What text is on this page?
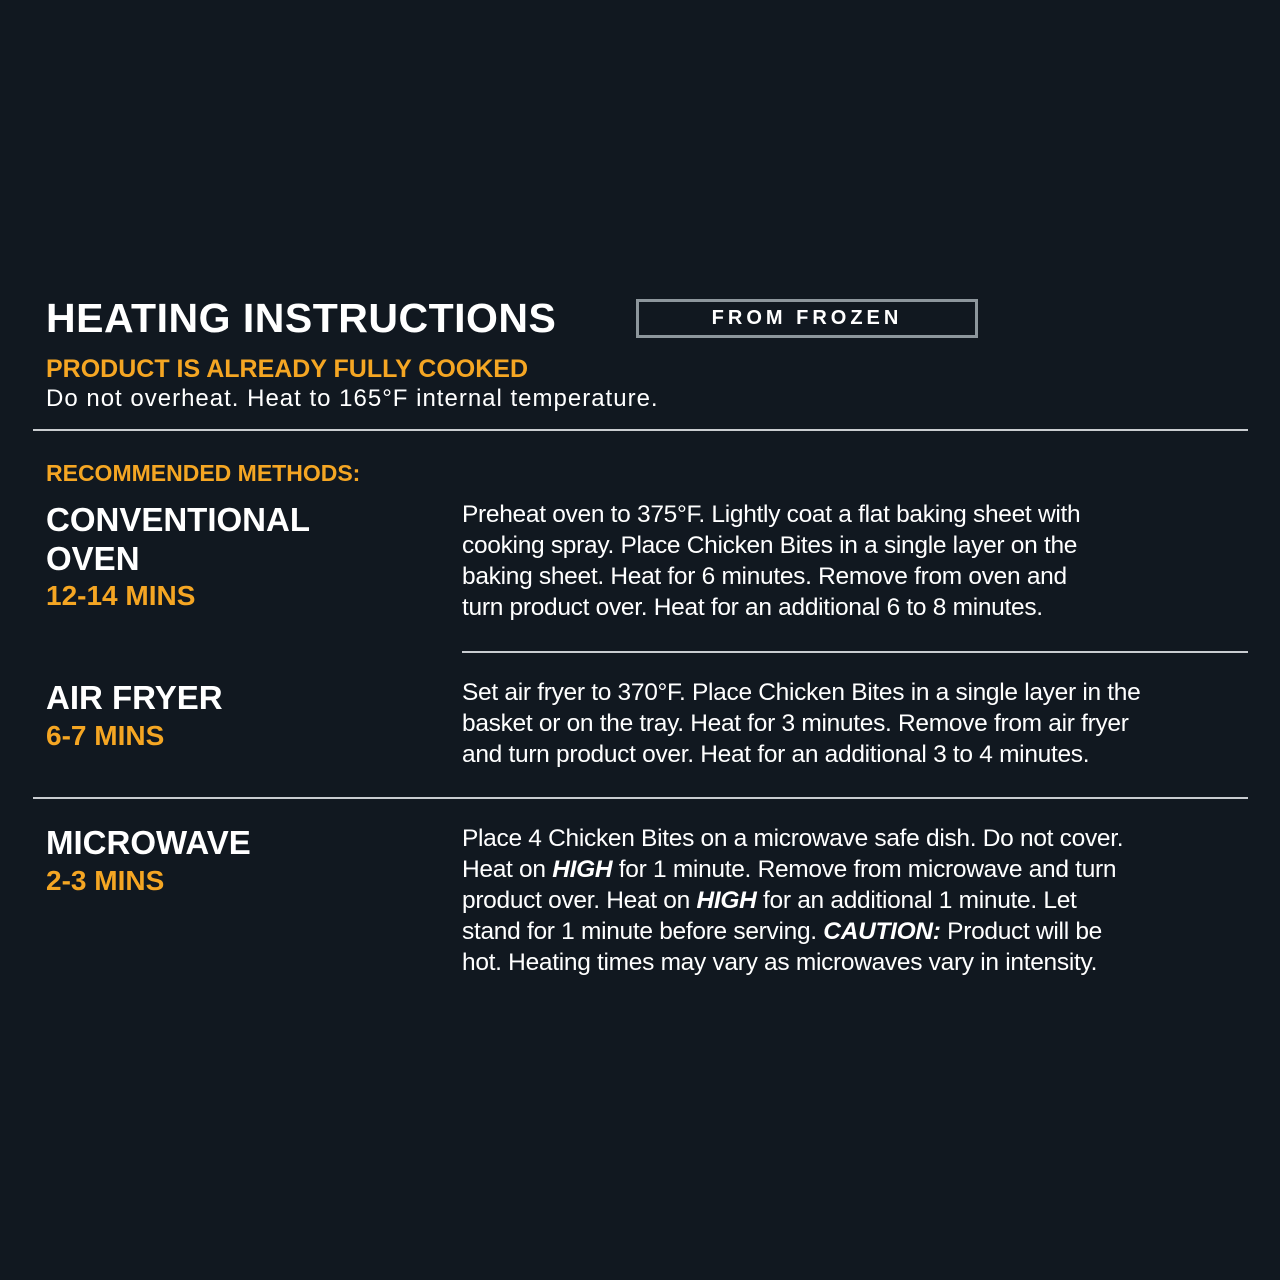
HEATING INSTRUCTIONS	FROM FROZEN
PRODUCT IS ALREADY FULLY COOKED
Do not overheat. Heat to 165°F internal temperature.
RECOMMENDED METHODS:
CONVENTIONAL
OVEN
12-14 MINS
Preheat oven to 375°F. Lightly coat a flat baking sheet with
cooking spray. Place Chicken Bites in a single layer on the
baking sheet. Heat for 6 minutes. Remove from oven and
turn product over. Heat for an additional 6 to 8 minutes.
AIR FRYER
6-7 MINS
Set air fryer to 370°F. Place Chicken Bites in a single layer in the
basket or on the tray. Heat for 3 minutes. Remove from air fryer
and turn product over. Heat for an additional 3 to 4 minutes.
MICROWAVE
2-3 MINS
Place 4 Chicken Bites on a microwave safe dish. Do not cover.
Heat on HIGH for 1 minute. Remove from microwave and turn
product over. Heat on HIGH for an additional 1 minute. Let
stand for 1 minute before serving. CAUTION: Product will be
hot. Heating times may vary as microwaves vary in intensity.
